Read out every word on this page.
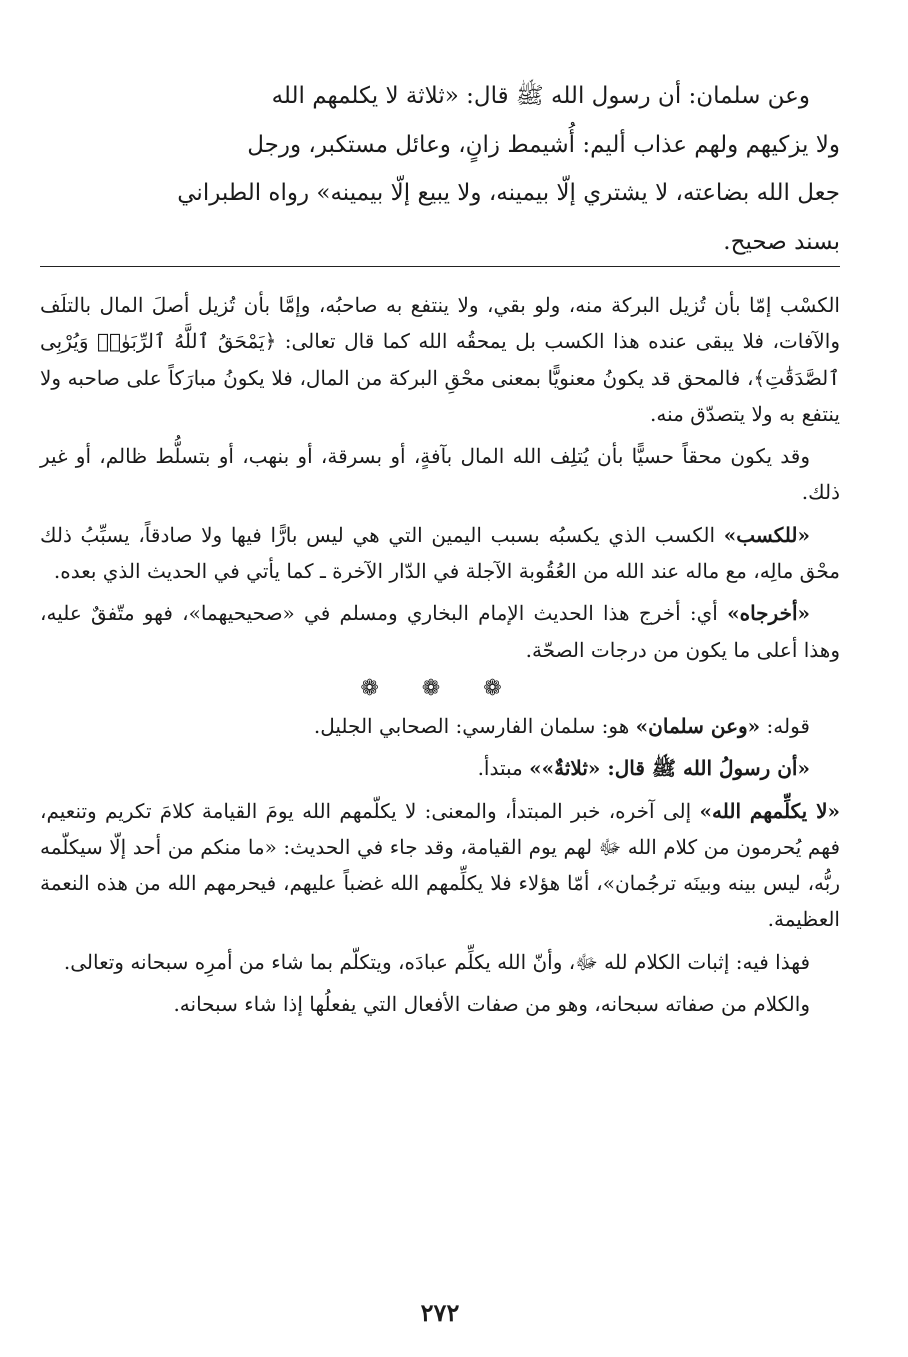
وعن سلمان: أن رسول الله ﷺ قال: «ثلاثة لا يكلمهم الله

ولا يزكيهم ولهم عذاب أليم: أُشيمط زانٍ، وعائل مستكبر، ورجل

جعل الله بضاعته، لا يشتري إلّا بيمينه، ولا يبيع إلّا بيمينه» رواه الطبراني

بسند صحيح.

الكسْب إمّا بأن تُزيل البركة منه، ولو بقي، ولا ينتفع به صاحبُه، وإمَّا بأن تُزيل أصلَ المال بالتلَف والآفات، فلا يبقى عنده هذا الكسب بل يمحقُه الله كما قال تعالى: ﴿يَمْحَقُ ٱللَّهُ ٱلرِّبَوٰا۟ وَيُرْبِى ٱلصَّدَقَٰتِ﴾، فالمحق قد يكونُ معنويًّا بمعنى محْقِ البركة من المال، فلا يكونُ مبارَكاً على صاحبه ولا ينتفع به ولا يتصدّق منه.

وقد يكون محقاً حسيًّا بأن يُتلِف الله المال بآفةٍ، أو بسرقة، أو بنهب، أو بتسلُّط ظالم، أو غير ذلك.

«للكسب» الكسب الذي يكسبُه بسبب اليمين التي هي ليس بارًّا فيها ولا صادقاً، يسبِّبُ ذلك محْق مالِه، مع ماله عند الله من العُقُوبة الآجلة في الدّار الآخرة ـ كما يأتي في الحديث الذي بعده.

«أخرجاه» أي: أخرج هذا الحديث الإمام البخاري ومسلم في «صحيحيهما»، فهو متّفقٌ عليه، وهذا أعلى ما يكون من درجات الصحّة.

❁ ❁ ❁

قوله: «وعن سلمان» هو: سلمان الفارسي: الصحابي الجليل.

«أن رسولُ الله ﷺ قال: «ثلاثةٌ»» مبتدأ.

«لا يكلِّمهم الله» إلى آخره، خبر المبتدأ، والمعنى: لا يكلّمهم الله يومَ القيامة كلامَ تكريم وتنعيم، فهم يُحرمون من كلام الله ﷻ لهم يوم القيامة، وقد جاء في الحديث: «ما منكم من أحد إلّا سيكلّمه ربُّه، ليس بينه وبينَه ترجُمان»، أمّا هؤلاء فلا يكلِّمهم الله غضباً عليهم، فيحرمهم الله من هذه النعمة العظيمة.

فهذا فيه: إثبات الكلام لله ﷻ، وأنّ الله يكلِّم عبادَه، ويتكلّم بما شاء من أمرِه سبحانه وتعالى.

والكلام من صفاته سبحانه، وهو من صفات الأفعال التي يفعلُها إذا شاء سبحانه.

٢٧٢
